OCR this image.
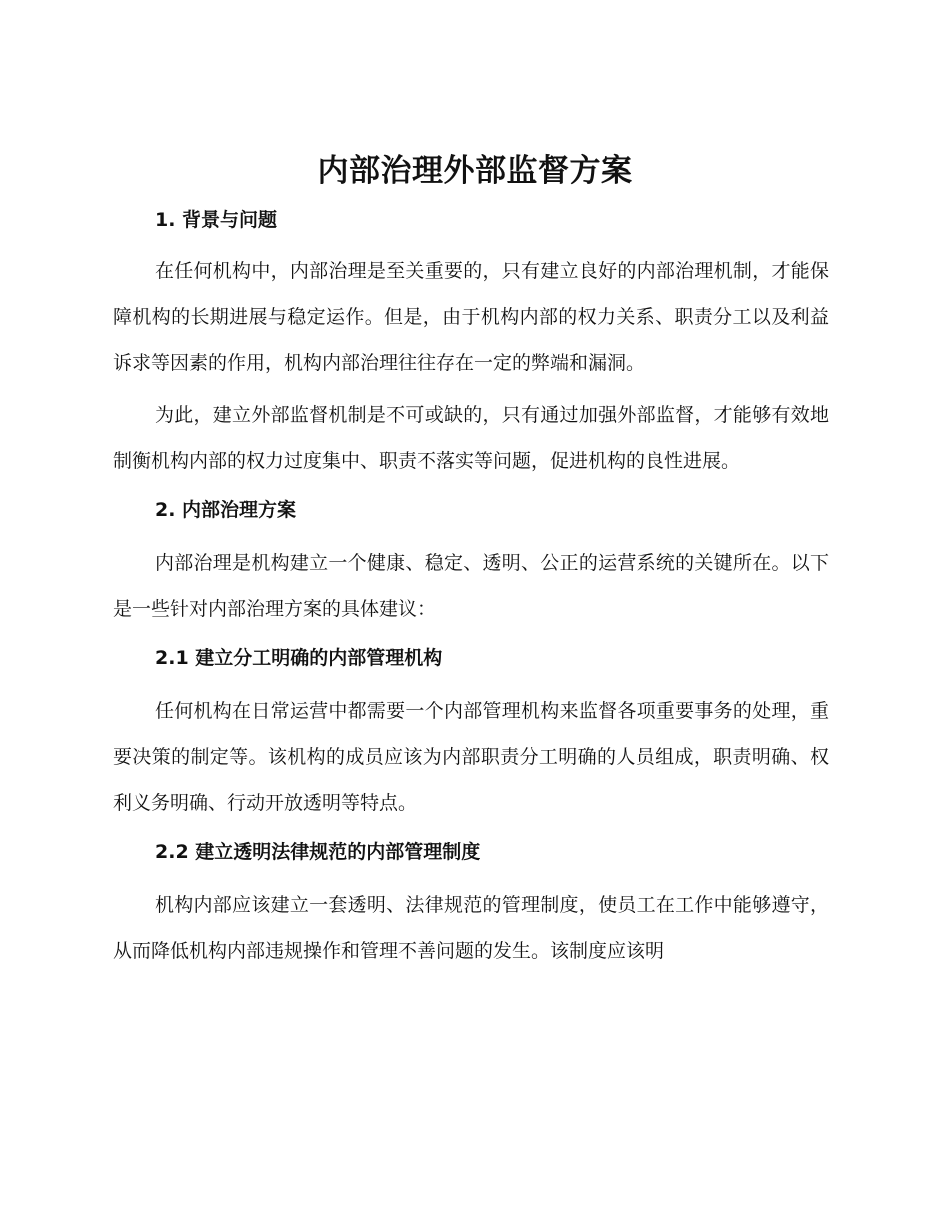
内部治理外部监督方案
1. 背景与问题

在任何机构中，内部治理是至关重要的，只有建立良好的内部治理机制，才能保障机构的长期进展与稳定运作。但是，由于机构内部的权力关系、职责分工以及利益诉求等因素的作用，机构内部治理往往存在一定的弊端和漏洞。

为此，建立外部监督机制是不可或缺的，只有通过加强外部监督，才能够有效地制衡机构内部的权力过度集中、职责不落实等问题，促进机构的良性进展。

2. 内部治理方案

内部治理是机构建立一个健康、稳定、透明、公正的运营系统的关键所在。以下是一些针对内部治理方案的具体建议：

2.1 建立分工明确的内部管理机构

任何机构在日常运营中都需要一个内部管理机构来监督各项重要事务的处理，重要决策的制定等。该机构的成员应该为内部职责分工明确的人员组成，职责明确、权利义务明确、行动开放透明等特点。

2.2 建立透明法律规范的内部管理制度

机构内部应该建立一套透明、法律规范的管理制度，使员工在工作中能够遵守，从而降低机构内部违规操作和管理不善问题的发生。该制度应该明
